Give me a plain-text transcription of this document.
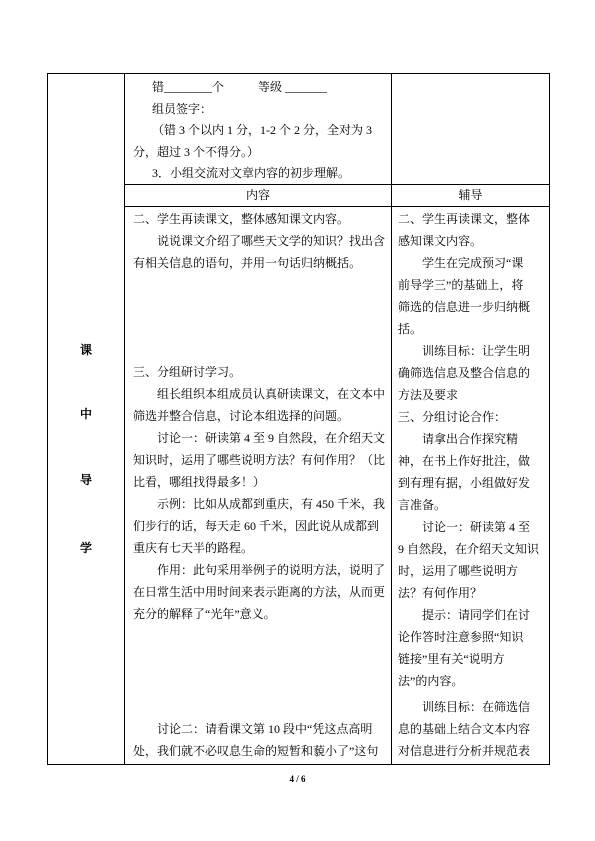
课
中
导
学
错________个	等级 _______
组员签字：
（错 3 个以内 1 分，1-2 个 2 分，全对为 3
分，超过 3 个不得分。）
3．小组交流对文章内容的初步理解。
内容	辅导
二、学生再读课文，整体感知课文内容。
说说课文介绍了哪些天文学的知识？找出含
有相关信息的语句，并用一句话归纳概括。
三、分组研讨学习。
组长组织本组成员认真研读课文，在文本中
筛选并整合信息，讨论本组选择的问题。
讨论一：研读第 4 至 9 自然段，在介绍天文
知识时，运用了哪些说明方法？有何作用？（比
比看，哪组找得最多！）
示例：比如从成都到重庆，有 450 千米，我
们步行的话，每天走 60 千米，因此说从成都到
重庆有七天半的路程。
作用：此句采用举例子的说明方法，说明了
在日常生活中用时间来表示距离的方法，从而更
充分的解释了“光年”意义。
讨论二：请看课文第 10 段中“凭这点高明
处，我们就不必叹息生命的短暂和藐小了”这句
二、学生再读课文，整体
感知课文内容。
学生在完成预习“课
前导学三”的基础上，将
筛选的信息进一步归纳概
括。
训练目标：让学生明
确筛选信息及整合信息的
方法及要求
三、分组讨论合作：
请拿出合作探究精
神，在书上作好批注，做
到有理有据，小组做好发
言准备。
讨论一：研读第 4 至
9 自然段，在介绍天文知识
时，运用了哪些说明方
法？有何作用？
提示：请同学们在讨
论作答时注意参照“知识
链接”里有关“说明方
法”的内容。
训练目标：在筛选信
息的基础上结合文本内容
对信息进行分析并规范表
4 / 6
